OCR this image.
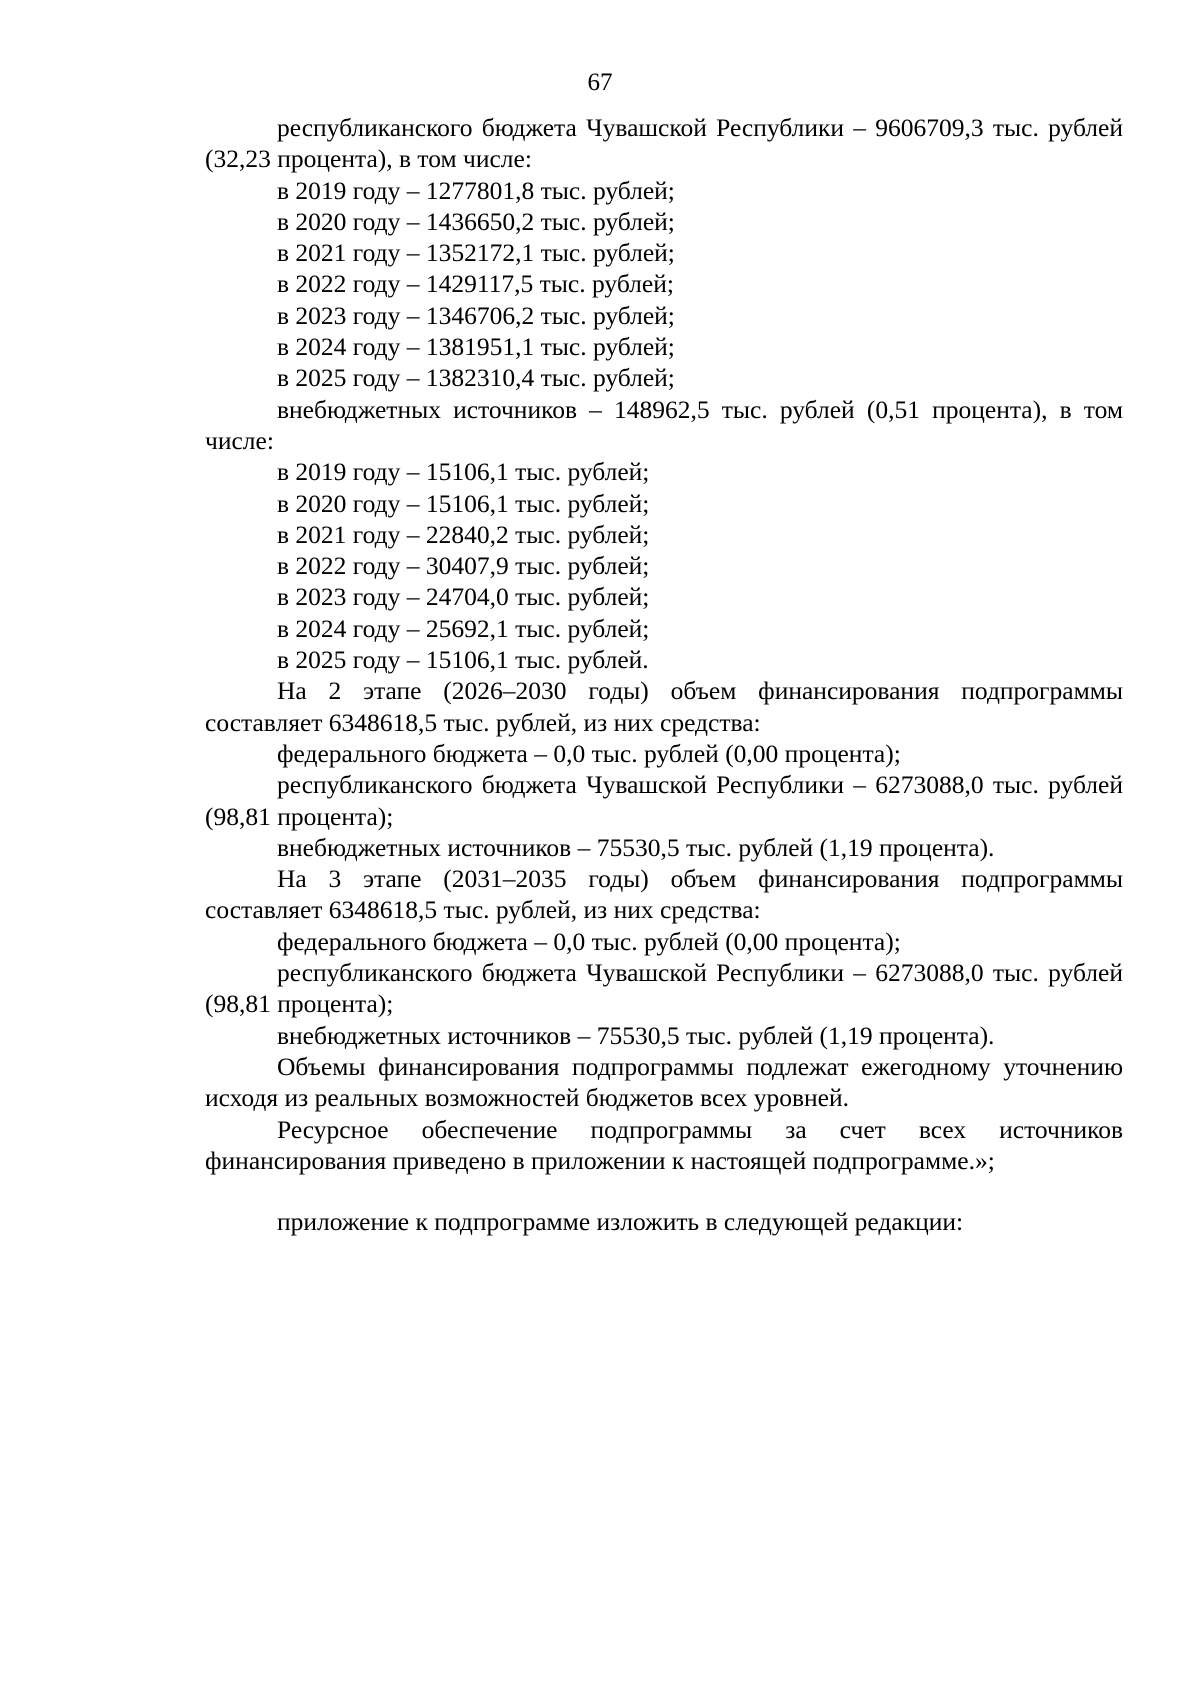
67

республиканского бюджета Чувашской Республики – 9606709,3 тыс. рублей (32,23 процента), в том числе:

в 2019 году – 1277801,8 тыс. рублей;

в 2020 году – 1436650,2 тыс. рублей;

в 2021 году – 1352172,1 тыс. рублей;

в 2022 году – 1429117,5 тыс. рублей;

в 2023 году – 1346706,2 тыс. рублей;

в 2024 году – 1381951,1 тыс. рублей;

в 2025 году – 1382310,4 тыс. рублей;

внебюджетных источников – 148962,5 тыс. рублей (0,51 процента), в том числе:

в 2019 году – 15106,1 тыс. рублей;

в 2020 году – 15106,1 тыс. рублей;

в 2021 году – 22840,2 тыс. рублей;

в 2022 году – 30407,9 тыс. рублей;

в 2023 году – 24704,0 тыс. рублей;

в 2024 году – 25692,1 тыс. рублей;

в 2025 году – 15106,1 тыс. рублей.

На 2 этапе (2026–2030 годы) объем финансирования подпрограммы составляет 6348618,5 тыс. рублей, из них средства:

федерального бюджета – 0,0 тыс. рублей (0,00 процента);

республиканского бюджета Чувашской Республики – 6273088,0 тыс. рублей (98,81 процента);

внебюджетных источников – 75530,5 тыс. рублей (1,19 процента).

На 3 этапе (2031–2035 годы) объем финансирования подпрограммы составляет 6348618,5 тыс. рублей, из них средства:

федерального бюджета – 0,0 тыс. рублей (0,00 процента);

республиканского бюджета Чувашской Республики – 6273088,0 тыс. рублей (98,81 процента);

внебюджетных источников – 75530,5 тыс. рублей (1,19 процента).

Объемы финансирования подпрограммы подлежат ежегодному уточнению исходя из реальных возможностей бюджетов всех уровней.

Ресурсное обеспечение подпрограммы за счет всех источников финансирования приведено в приложении к настоящей подпрограмме.»;

приложение к подпрограмме изложить в следующей редакции:
